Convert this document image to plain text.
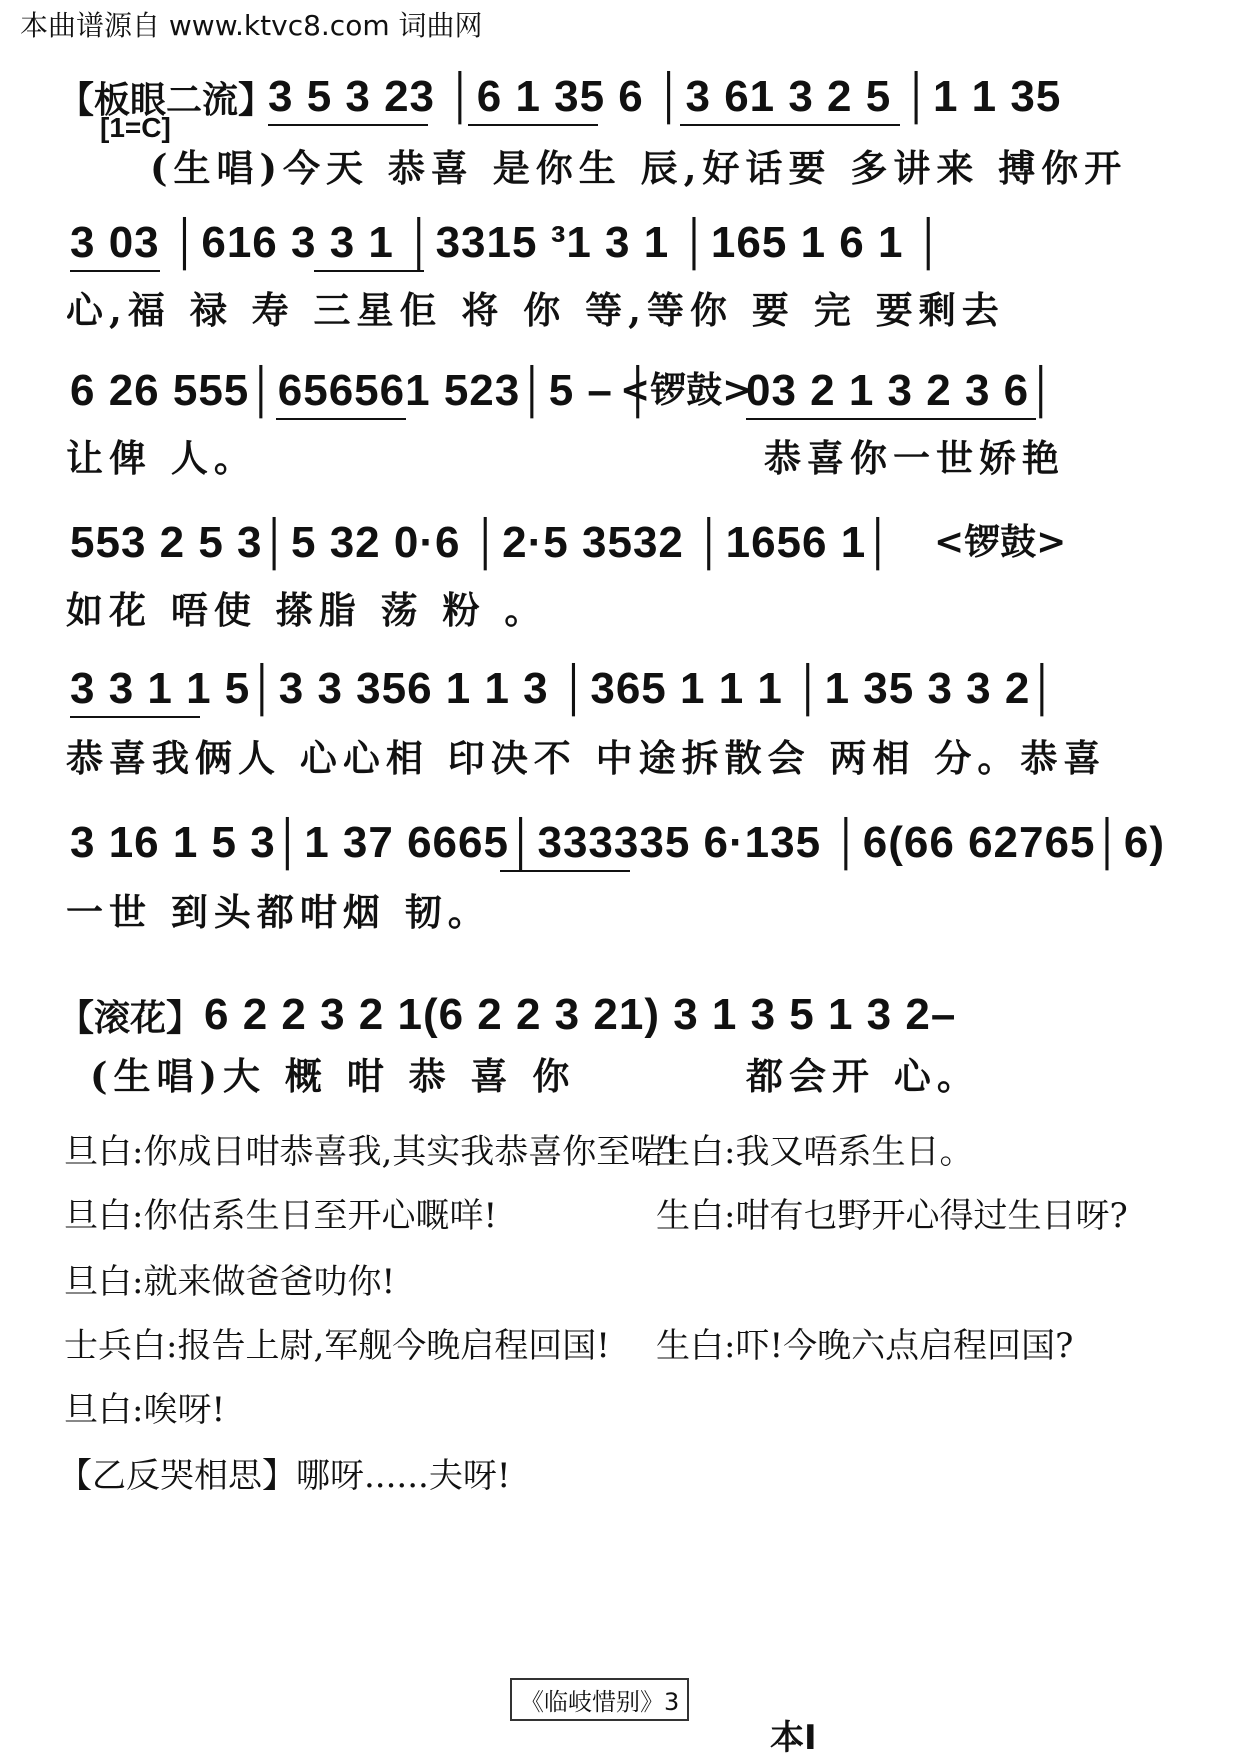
本曲谱源自 www.ktvc8.com 词曲网
【板眼二流】
[1=C]
3 5 3 23 │6 1 35 6 │3 61 3 2 5 │1 1 35
(生唱)今天 恭喜 是你生 辰,好话要 多讲来 搏你开
3 03 │616 3 3 1 │3315 ³1 3 1 │165 1 6 1 │
心,福 禄 寿 三星佢 将 你 等,等你 要 完 要剩去
6 26 555│656561 523│5 – │
<锣鼓>
03 2 1 3 2 3 6│
让俾 人。	恭喜你一世娇艳
553 2 5 3│5 32 0·6 │2·5 3532 │1656 1│ <锣鼓>
如花 唔使 搽脂 荡 粉 。
3 3 1 1 5│3 3 356 1 1 3 │365 1 1 1 │1 35 3 3 2│
恭喜我俩人 心心相 印决不 中途拆散会 两相 分。恭喜
3 16 1 5 3│1 37 6665│333335 6·135 │6(66 62765│6)
一世 到头都咁烟 韧。
【滚花】 6 2 2 3 2 1(6 2 2 3 21) 3 1 3 5 1 3 2–
(生唱)大 概 咁 恭 喜 你	都会开 心。
旦白:你成日咁恭喜我,其实我恭喜你至啱!
生白:我又唔系生日。
旦白:你估系生日至开心嘅咩!	生白:咁有乜野开心得过生日呀?
旦白:就来做爸爸叻你!
士兵白:报告上尉,军舰今晚启程回国! 生白:吓!今晚六点启程回国?
旦白:唉呀!
【乙反哭相思】哪呀......夫呀!
《临岐惜别》3
本I
